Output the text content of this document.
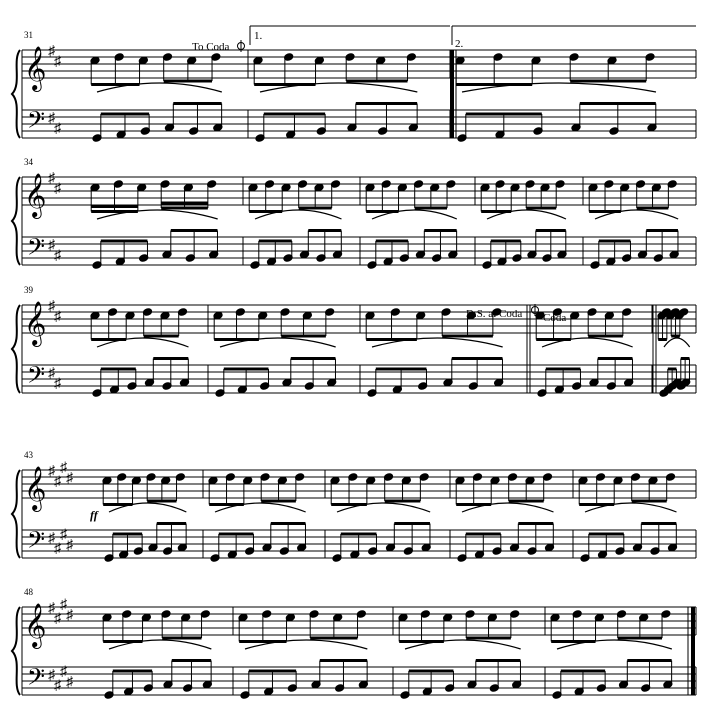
𝄞
𝄢
♯
♯
♯
♯
31
𝄞
𝄢
♯
♯
♯
♯
34
𝄞
𝄢
♯
♯
♯
♯
39
𝄞
𝄢
♯
♯
♯
♯
♯
♯
♯
♯
43
𝄞
𝄢
♯
♯
♯
♯
♯
♯
♯
♯
48
To Coda
1.
2.
D.S. al Coda Coda
ff
